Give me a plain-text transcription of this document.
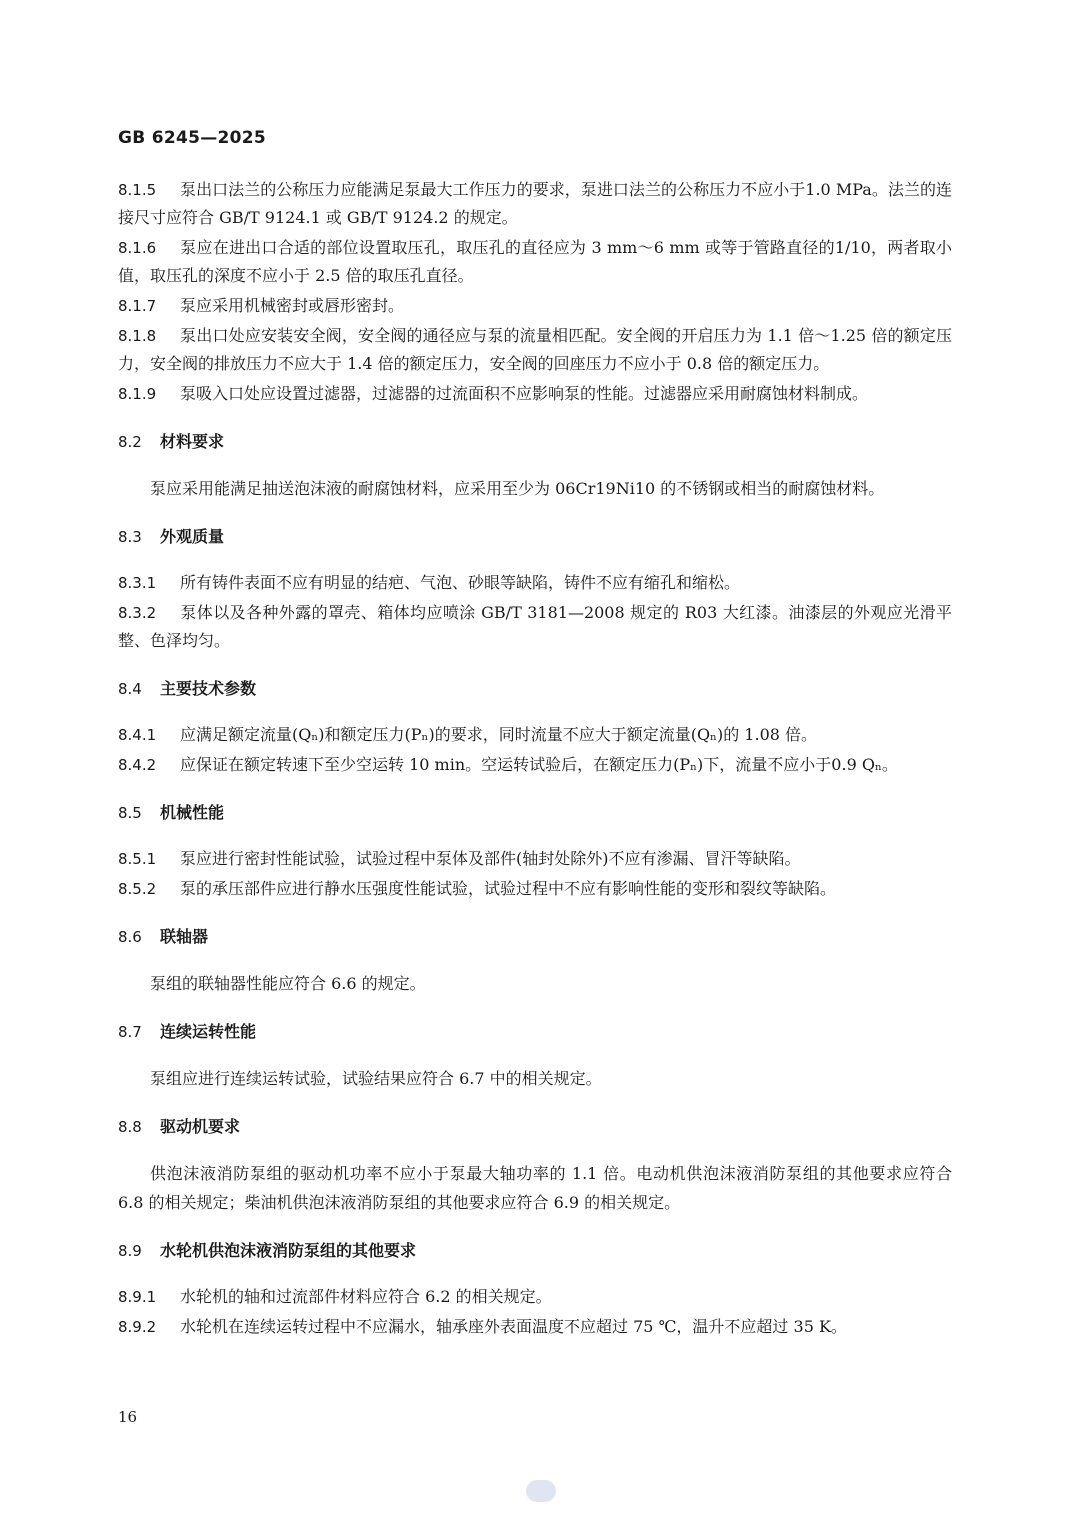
GB 6245—2025

8.1.5 泵出口法兰的公称压力应能满足泵最大工作压力的要求，泵进口法兰的公称压力不应小于1.0 MPa。法兰的连接尺寸应符合 GB/T 9124.1 或 GB/T 9124.2 的规定。

8.1.6 泵应在进出口合适的部位设置取压孔，取压孔的直径应为 3 mm～6 mm 或等于管路直径的1/10，两者取小值，取压孔的深度不应小于 2.5 倍的取压孔直径。

8.1.7 泵应采用机械密封或唇形密封。

8.1.8 泵出口处应安装安全阀，安全阀的通径应与泵的流量相匹配。安全阀的开启压力为 1.1 倍～1.25 倍的额定压力，安全阀的排放压力不应大于 1.4 倍的额定压力，安全阀的回座压力不应小于 0.8 倍的额定压力。

8.1.9 泵吸入口处应设置过滤器，过滤器的过流面积不应影响泵的性能。过滤器应采用耐腐蚀材料制成。

8.2 材料要求

泵应采用能满足抽送泡沫液的耐腐蚀材料，应采用至少为 06Cr19Ni10 的不锈钢或相当的耐腐蚀材料。

8.3 外观质量

8.3.1 所有铸件表面不应有明显的结疤、气泡、砂眼等缺陷，铸件不应有缩孔和缩松。

8.3.2 泵体以及各种外露的罩壳、箱体均应喷涂 GB/T 3181—2008 规定的 R03 大红漆。油漆层的外观应光滑平整、色泽均匀。

8.4 主要技术参数

8.4.1 应满足额定流量(Qₙ)和额定压力(Pₙ)的要求，同时流量不应大于额定流量(Qₙ)的 1.08 倍。

8.4.2 应保证在额定转速下至少空运转 10 min。空运转试验后，在额定压力(Pₙ)下，流量不应小于0.9 Qₙ。

8.5 机械性能

8.5.1 泵应进行密封性能试验，试验过程中泵体及部件(轴封处除外)不应有渗漏、冒汗等缺陷。

8.5.2 泵的承压部件应进行静水压强度性能试验，试验过程中不应有影响性能的变形和裂纹等缺陷。

8.6 联轴器

泵组的联轴器性能应符合 6.6 的规定。

8.7 连续运转性能

泵组应进行连续运转试验，试验结果应符合 6.7 中的相关规定。

8.8 驱动机要求

供泡沫液消防泵组的驱动机功率不应小于泵最大轴功率的 1.1 倍。电动机供泡沫液消防泵组的其他要求应符合 6.8 的相关规定；柴油机供泡沫液消防泵组的其他要求应符合 6.9 的相关规定。

8.9 水轮机供泡沫液消防泵组的其他要求

8.9.1 水轮机的轴和过流部件材料应符合 6.2 的相关规定。

8.9.2 水轮机在连续运转过程中不应漏水，轴承座外表面温度不应超过 75 ℃，温升不应超过 35 K。

16
